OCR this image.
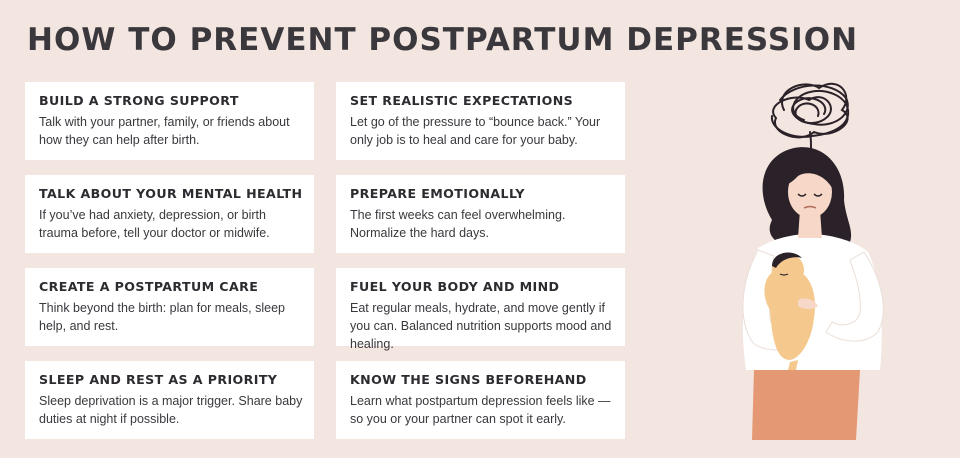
HOW TO PREVENT POSTPARTUM DEPRESSION
BUILD A STRONG SUPPORT
Talk with your partner, family, or friends about how they can help after birth.
SET REALISTIC EXPECTATIONS
Let go of the pressure to “bounce back.” Your only job is to heal and care for your baby.
TALK ABOUT YOUR MENTAL HEALTH
If you’ve had anxiety, depression, or birth trauma before, tell your doctor or midwife.
PREPARE EMOTIONALLY
The first weeks can feel overwhelming. Normalize the hard days.
CREATE A POSTPARTUM CARE
Think beyond the birth: plan for meals, sleep help, and rest.
FUEL YOUR BODY AND MIND
Eat regular meals, hydrate, and move gently if you can. Balanced nutrition supports mood and healing.
SLEEP AND REST AS A PRIORITY
Sleep deprivation is a major trigger. Share baby duties at night if possible.
KNOW THE SIGNS BEFOREHAND
Learn what postpartum depression feels like — so you or your partner can spot it early.
